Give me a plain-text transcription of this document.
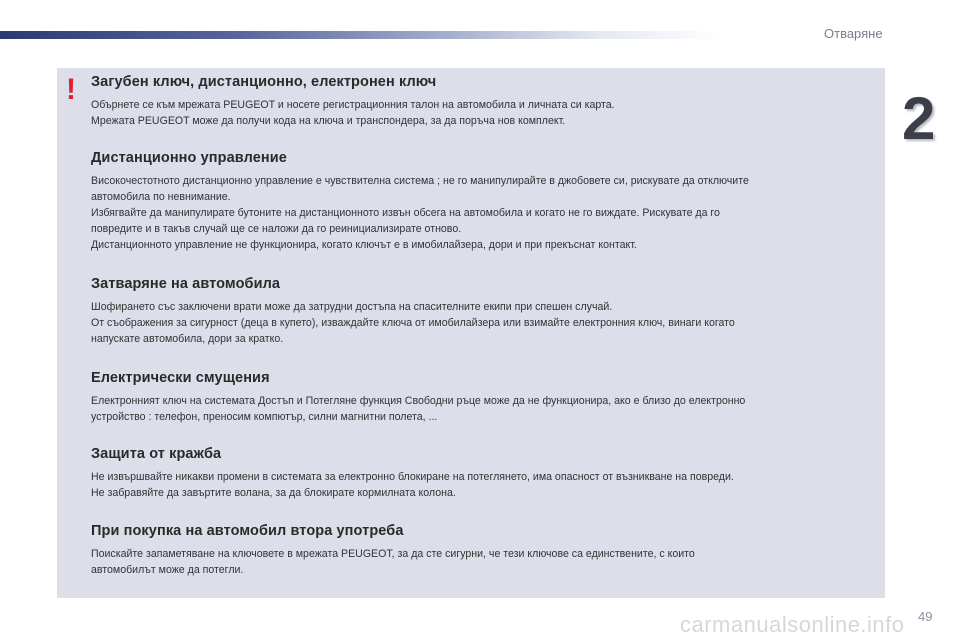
Отваряне
2
! Загубен ключ, дистанционно, електронен ключ

Обърнете се към мрежата PEUGEOT и носете регистрационния талон на автомобила и личната си карта.
Мрежата PEUGEOT може да получи кода на ключа и транспондера, за да поръча нов комплект.

Дистанционно управление

Високочестотното дистанционно управление е чувствителна система ; не го манипулирайте в джобовете си, рискувате да отключите
автомобила по невнимание.
Избягвайте да манипулирате бутоните на дистанционното извън обсега на автомобила и когато не го виждате. Рискувате да го
повредите и в такъв случай ще се наложи да го реинициализирате отново.
Дистанционното управление не функционира, когато ключът е в имобилайзера, дори и при прекъснат контакт.

Затваряне на автомобила

Шофирането със заключени врати може да затрудни достъпа на спасителните екипи при спешен случай.
От съображения за сигурност (деца в купето), изваждайте ключа от имобилайзера или взимайте електронния ключ, винаги когато
напускате автомобила, дори за кратко.

Електрически смущения

Електронният ключ на системата Достъп и Потегляне функция Свободни ръце може да не функционира, ако е близо до електронно
устройство : телефон, преносим компютър, силни магнитни полета, ...

Защита от кражба

Не извършвайте никакви промени в системата за електронно блокиране на потеглянето, има опасност от възникване на повреди.
Не забравяйте да завъртите волана, за да блокирате кормилната колона.

При покупка на автомобил втора употреба

Поискайте запаметяване на ключовете в мрежата PEUGEOT, за да сте сигурни, че тези ключове са единствените, с които
автомобилът може да потегли.

carmanualsonline.info 49
